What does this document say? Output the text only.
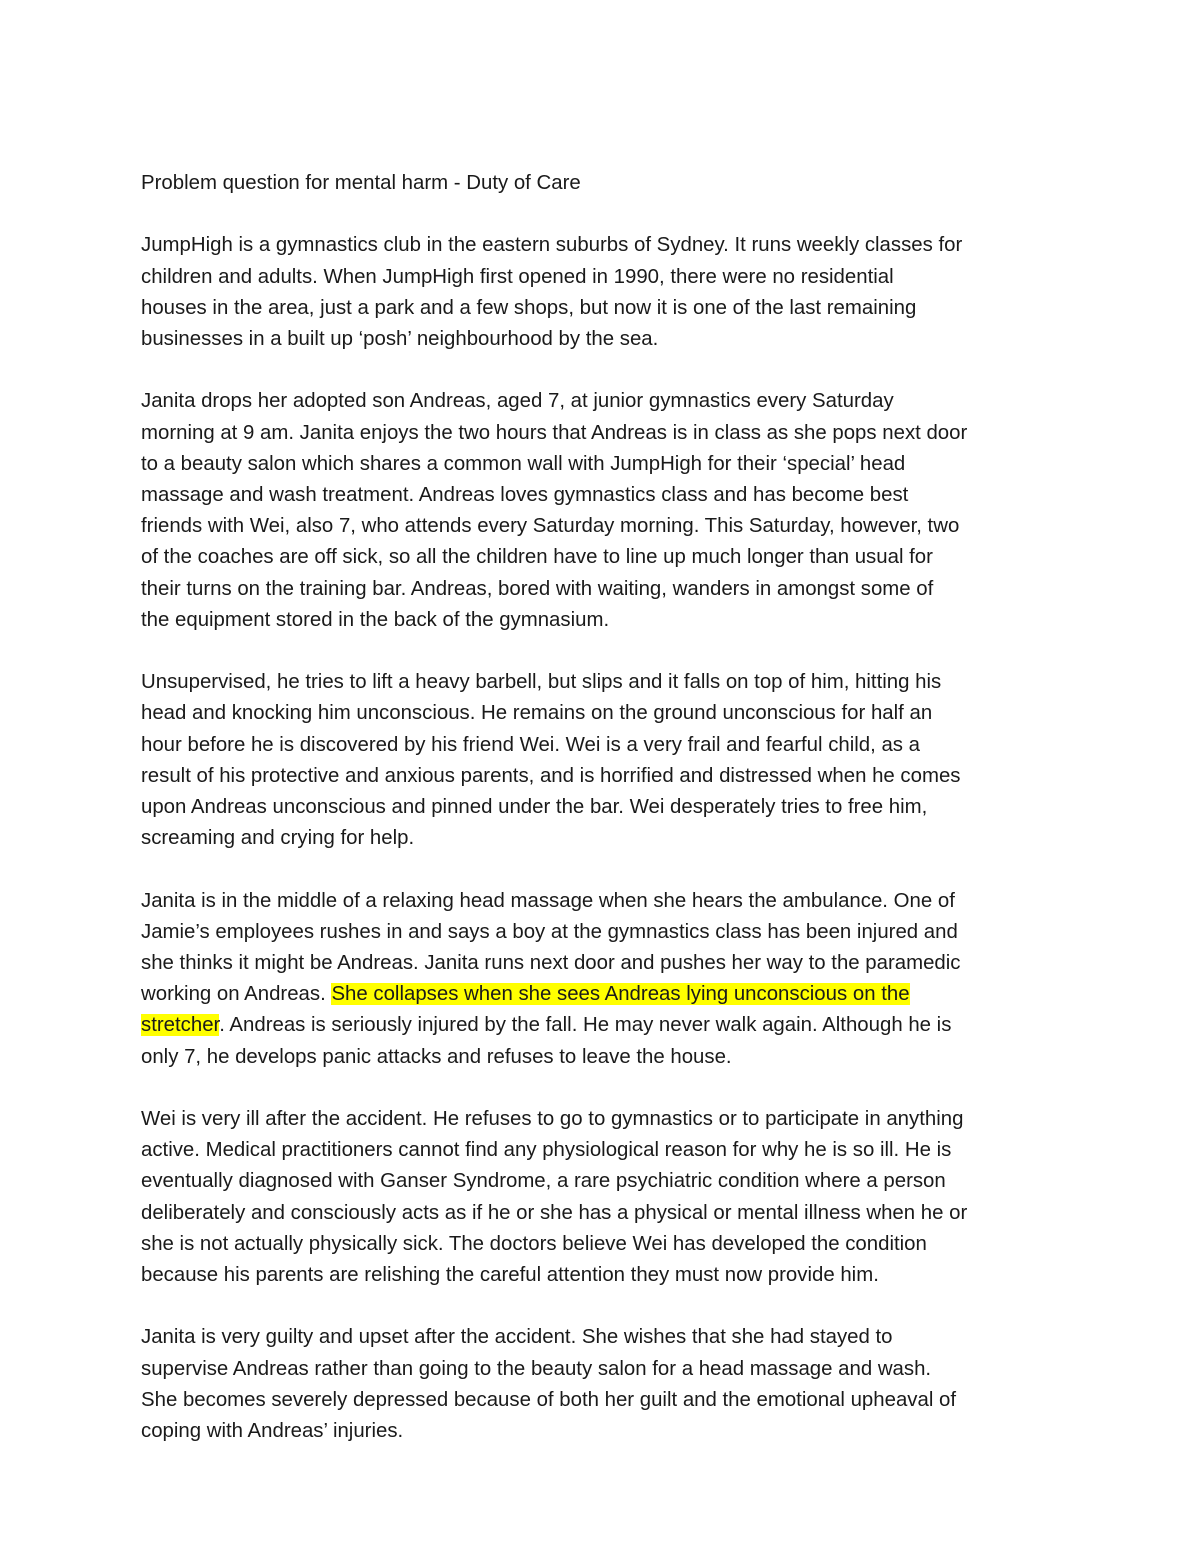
Problem question for mental harm - Duty of Care
JumpHigh is a gymnastics club in the eastern suburbs of Sydney. It runs weekly classes for
children and adults. When JumpHigh first opened in 1990, there were no residential
houses in the area, just a park and a few shops, but now it is one of the last remaining
businesses in a built up ‘posh’ neighbourhood by the sea.
Janita drops her adopted son Andreas, aged 7, at junior gymnastics every Saturday
morning at 9 am. Janita enjoys the two hours that Andreas is in class as she pops next door
to a beauty salon which shares a common wall with JumpHigh for their ‘special’ head
massage and wash treatment. Andreas loves gymnastics class and has become best
friends with Wei, also 7, who attends every Saturday morning. This Saturday, however, two
of the coaches are off sick, so all the children have to line up much longer than usual for
their turns on the training bar. Andreas, bored with waiting, wanders in amongst some of
the equipment stored in the back of the gymnasium.
Unsupervised, he tries to lift a heavy barbell, but slips and it falls on top of him, hitting his
head and knocking him unconscious. He remains on the ground unconscious for half an
hour before he is discovered by his friend Wei. Wei is a very frail and fearful child, as a
result of his protective and anxious parents, and is horrified and distressed when he comes
upon Andreas unconscious and pinned under the bar. Wei desperately tries to free him,
screaming and crying for help.
Janita is in the middle of a relaxing head massage when she hears the ambulance. One of
Jamie’s employees rushes in and says a boy at the gymnastics class has been injured and
she thinks it might be Andreas. Janita runs next door and pushes her way to the paramedic
working on Andreas. She collapses when she sees Andreas lying unconscious on the
stretcher. Andreas is seriously injured by the fall. He may never walk again. Although he is
only 7, he develops panic attacks and refuses to leave the house.
Wei is very ill after the accident. He refuses to go to gymnastics or to participate in anything
active. Medical practitioners cannot find any physiological reason for why he is so ill. He is
eventually diagnosed with Ganser Syndrome, a rare psychiatric condition where a person
deliberately and consciously acts as if he or she has a physical or mental illness when he or
she is not actually physically sick. The doctors believe Wei has developed the condition
because his parents are relishing the careful attention they must now provide him.
Janita is very guilty and upset after the accident. She wishes that she had stayed to
supervise Andreas rather than going to the beauty salon for a head massage and wash.
She becomes severely depressed because of both her guilt and the emotional upheaval of
coping with Andreas’ injuries.
